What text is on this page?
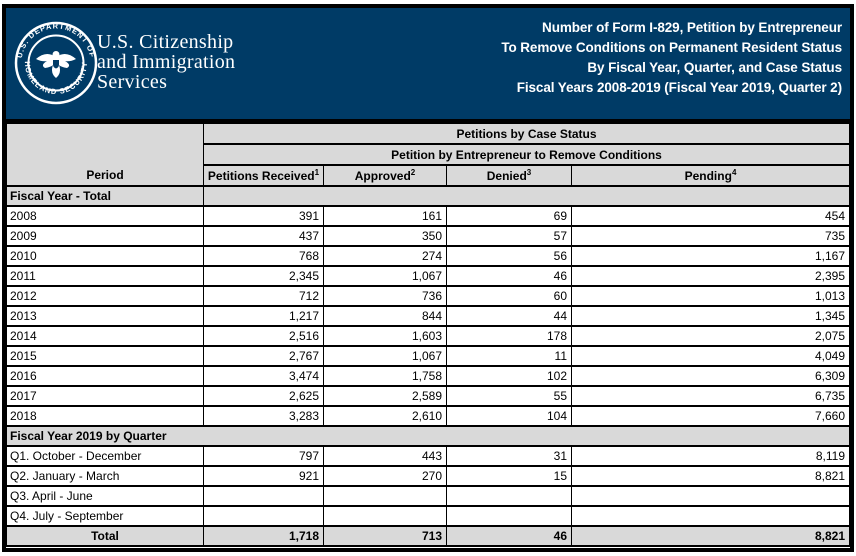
U.S. DEPARTMENT OF
HOMELAND SECURITY
U.S. Citizenship
and Immigration
Services
Number of Form I-829, Petition by Entrepreneur
To Remove Conditions on Permanent Resident Status
By Fiscal Year, Quarter, and Case Status
Fiscal Years 2008-2019 (Fiscal Year 2019, Quarter 2)
Period	Petitions by Case Status			
	Petition by Entrepreneur to Remove Conditions			
	Petitions Received$^1$	Approved$^2$	Denied$^3$	Pending$^4$
Fiscal Year - Total				
2008	391	161	69	454
2009	437	350	57	735
2010	768	274	56	1,167
2011	2,345	1,067	46	2,395
2012	712	736	60	1,013
2013	1,217	844	44	1,345
2014	2,516	1,603	178	2,075
2015	2,767	1,067	11	4,049
2016	3,474	1,758	102	6,309
2017	2,625	2,589	55	6,735
2018	3,283	2,610	104	7,660
Fiscal Year 2019 by Quarter				
Q1. October - December	797	443	31	8,119
Q2. January - March	921	270	15	8,821
Q3. April - June				
Q4. July - September				
Total	1,718	713	46	8,821
